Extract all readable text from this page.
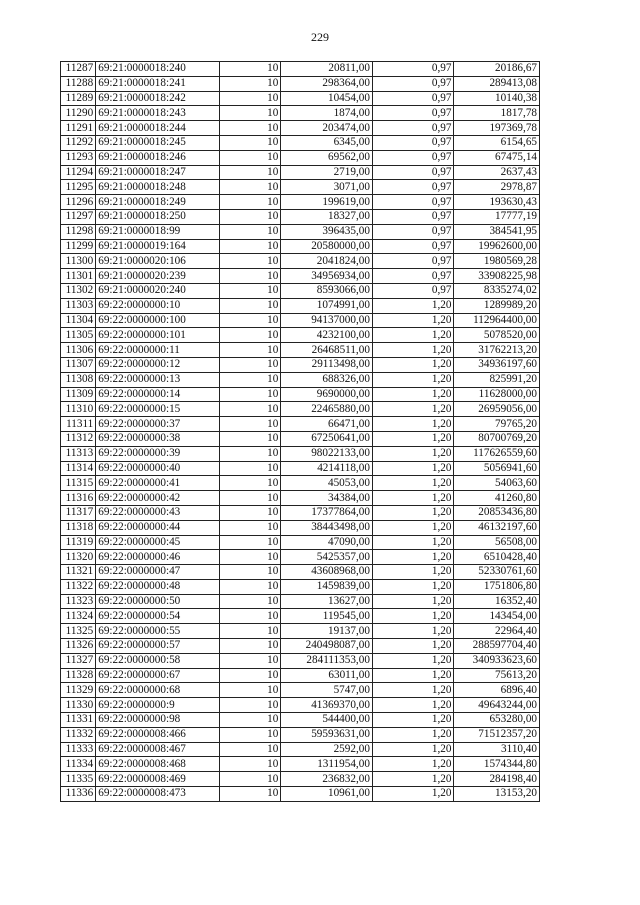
229
11287	69:21:0000018:240	10	20811,00	0,97	20186,67
11288	69:21:0000018:241	10	298364,00	0,97	289413,08
11289	69:21:0000018:242	10	10454,00	0,97	10140,38
11290	69:21:0000018:243	10	1874,00	0,97	1817,78
11291	69:21:0000018:244	10	203474,00	0,97	197369,78
11292	69:21:0000018:245	10	6345,00	0,97	6154,65
11293	69:21:0000018:246	10	69562,00	0,97	67475,14
11294	69:21:0000018:247	10	2719,00	0,97	2637,43
11295	69:21:0000018:248	10	3071,00	0,97	2978,87
11296	69:21:0000018:249	10	199619,00	0,97	193630,43
11297	69:21:0000018:250	10	18327,00	0,97	17777,19
11298	69:21:0000018:99	10	396435,00	0,97	384541,95
11299	69:21:0000019:164	10	20580000,00	0,97	19962600,00
11300	69:21:0000020:106	10	2041824,00	0,97	1980569,28
11301	69:21:0000020:239	10	34956934,00	0,97	33908225,98
11302	69:21:0000020:240	10	8593066,00	0,97	8335274,02
11303	69:22:0000000:10	10	1074991,00	1,20	1289989,20
11304	69:22:0000000:100	10	94137000,00	1,20	112964400,00
11305	69:22:0000000:101	10	4232100,00	1,20	5078520,00
11306	69:22:0000000:11	10	26468511,00	1,20	31762213,20
11307	69:22:0000000:12	10	29113498,00	1,20	34936197,60
11308	69:22:0000000:13	10	688326,00	1,20	825991,20
11309	69:22:0000000:14	10	9690000,00	1,20	11628000,00
11310	69:22:0000000:15	10	22465880,00	1,20	26959056,00
11311	69:22:0000000:37	10	66471,00	1,20	79765,20
11312	69:22:0000000:38	10	67250641,00	1,20	80700769,20
11313	69:22:0000000:39	10	98022133,00	1,20	117626559,60
11314	69:22:0000000:40	10	4214118,00	1,20	5056941,60
11315	69:22:0000000:41	10	45053,00	1,20	54063,60
11316	69:22:0000000:42	10	34384,00	1,20	41260,80
11317	69:22:0000000:43	10	17377864,00	1,20	20853436,80
11318	69:22:0000000:44	10	38443498,00	1,20	46132197,60
11319	69:22:0000000:45	10	47090,00	1,20	56508,00
11320	69:22:0000000:46	10	5425357,00	1,20	6510428,40
11321	69:22:0000000:47	10	43608968,00	1,20	52330761,60
11322	69:22:0000000:48	10	1459839,00	1,20	1751806,80
11323	69:22:0000000:50	10	13627,00	1,20	16352,40
11324	69:22:0000000:54	10	119545,00	1,20	143454,00
11325	69:22:0000000:55	10	19137,00	1,20	22964,40
11326	69:22:0000000:57	10	240498087,00	1,20	288597704,40
11327	69:22:0000000:58	10	284111353,00	1,20	340933623,60
11328	69:22:0000000:67	10	63011,00	1,20	75613,20
11329	69:22:0000000:68	10	5747,00	1,20	6896,40
11330	69:22:0000000:9	10	41369370,00	1,20	49643244,00
11331	69:22:0000000:98	10	544400,00	1,20	653280,00
11332	69:22:0000008:466	10	59593631,00	1,20	71512357,20
11333	69:22:0000008:467	10	2592,00	1,20	3110,40
11334	69:22:0000008:468	10	1311954,00	1,20	1574344,80
11335	69:22:0000008:469	10	236832,00	1,20	284198,40
11336	69:22:0000008:473	10	10961,00	1,20	13153,20
